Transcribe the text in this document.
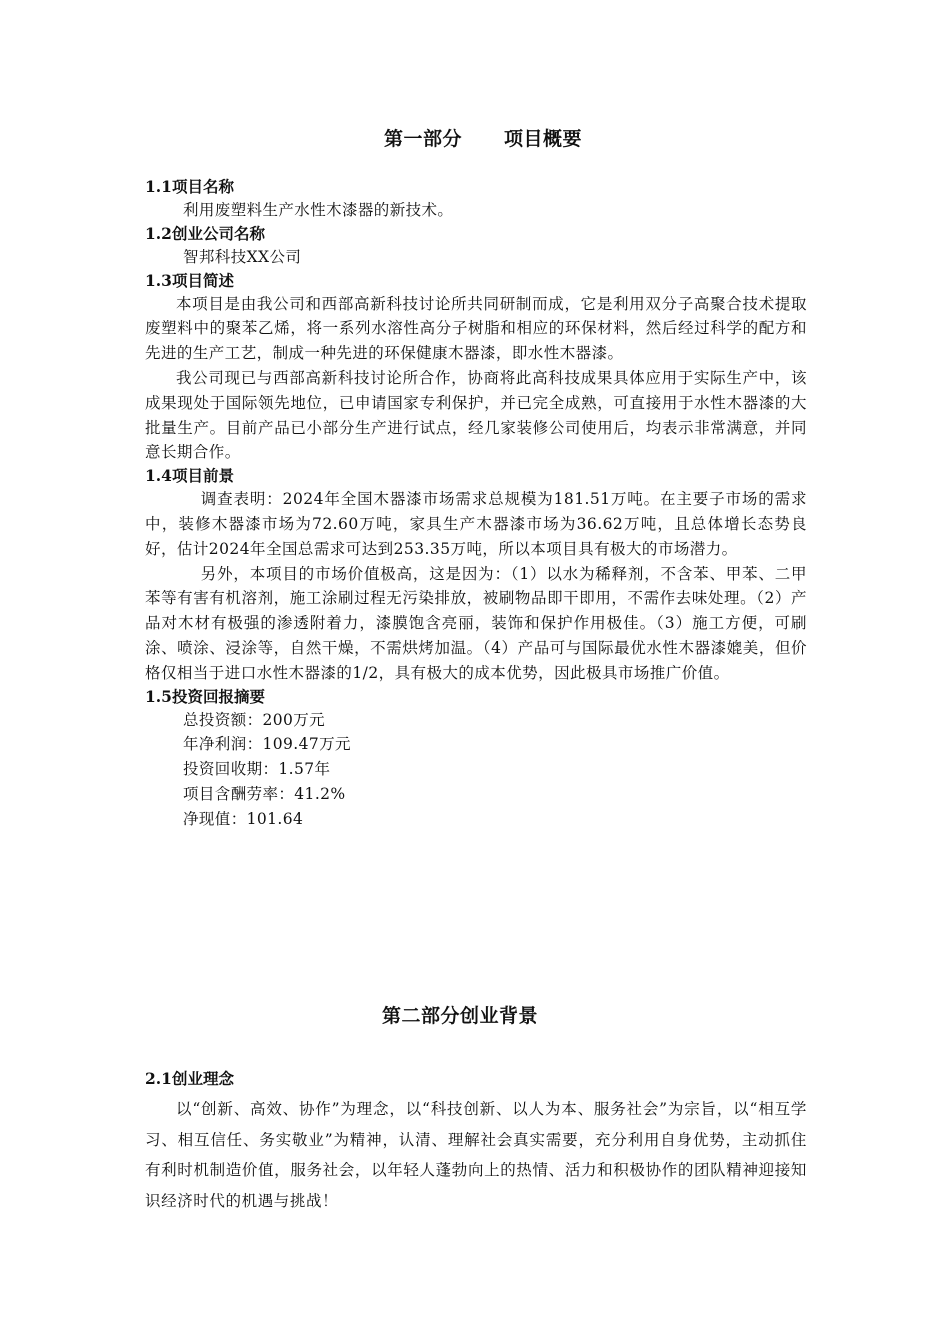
第一部分 项目概要
1.1项目名称
利用废塑料生产水性木漆器的新技术。
1.2创业公司名称
智邦科技XX公司
1.3项目简述

本项目是由我公司和西部高新科技讨论所共同研制而成，它是利用双分子高聚合技术提取废塑料中的聚苯乙烯，将一系列水溶性高分子树脂和相应的环保材料，然后经过科学的配方和先进的生产工艺，制成一种先进的环保健康木器漆，即水性木器漆。

我公司现已与西部高新科技讨论所合作，协商将此高科技成果具体应用于实际生产中，该成果现处于国际领先地位，已申请国家专利保护，并已完全成熟，可直接用于水性木器漆的大批量生产。目前产品已小部分生产进行试点，经几家装修公司使用后，均表示非常满意，并同意长期合作。

1.4项目前景

调查表明：2024年全国木器漆市场需求总规模为181.51万吨。在主要子市场的需求中，装修木器漆市场为72.60万吨，家具生产木器漆市场为36.62万吨，且总体增长态势良好，估计2024年全国总需求可达到253.35万吨，所以本项目具有极大的市场潜力。

另外，本项目的市场价值极高，这是因为：（1）以水为稀释剂，不含苯、甲苯、二甲苯等有害有机溶剂，施工涂刷过程无污染排放，被刷物品即干即用，不需作去味处理。（2）产品对木材有极强的渗透附着力，漆膜饱含亮丽，装饰和保护作用极佳。（3）施工方便，可刷涂、喷涂、浸涂等，自然干燥，不需烘烤加温。（4）产品可与国际最优水性木器漆媲美，但价格仅相当于进口水性木器漆的1/2，具有极大的成本优势，因此极具市场推广价值。

1.5投资回报摘要
总投资额：200万元
年净利润：109.47万元
投资回收期：1.57年
项目含酬劳率：41.2%
净现值：101.64
第二部分创业背景
2.1创业理念

以“创新、高效、协作”为理念，以“科技创新、以人为本、服务社会”为宗旨，以“相互学习、相互信任、务实敬业”为精神，认清、理解社会真实需要，充分利用自身优势，主动抓住有利时机制造价值，服务社会，以年轻人蓬勃向上的热情、活力和积极协作的团队精神迎接知识经济时代的机遇与挑战！
